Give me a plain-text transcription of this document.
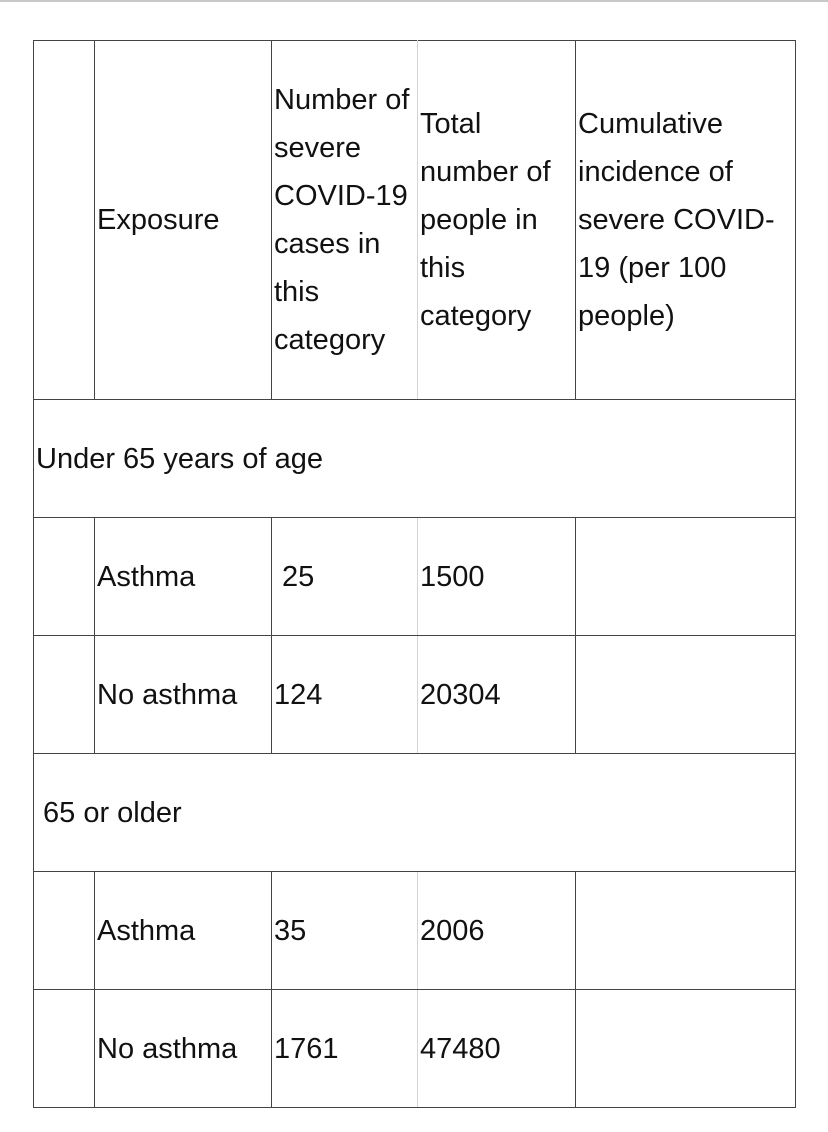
	Exposure	Number of severe COVID-19 cases in this category	Total number of people in this category	Cumulative incidence of severe COVID-19 (per 100 people)
Under 65 years of age				
	Asthma	25	1500	
	No asthma	124	20304	
65 or older				
	Asthma	35	2006	
	No asthma	1761	47480	
